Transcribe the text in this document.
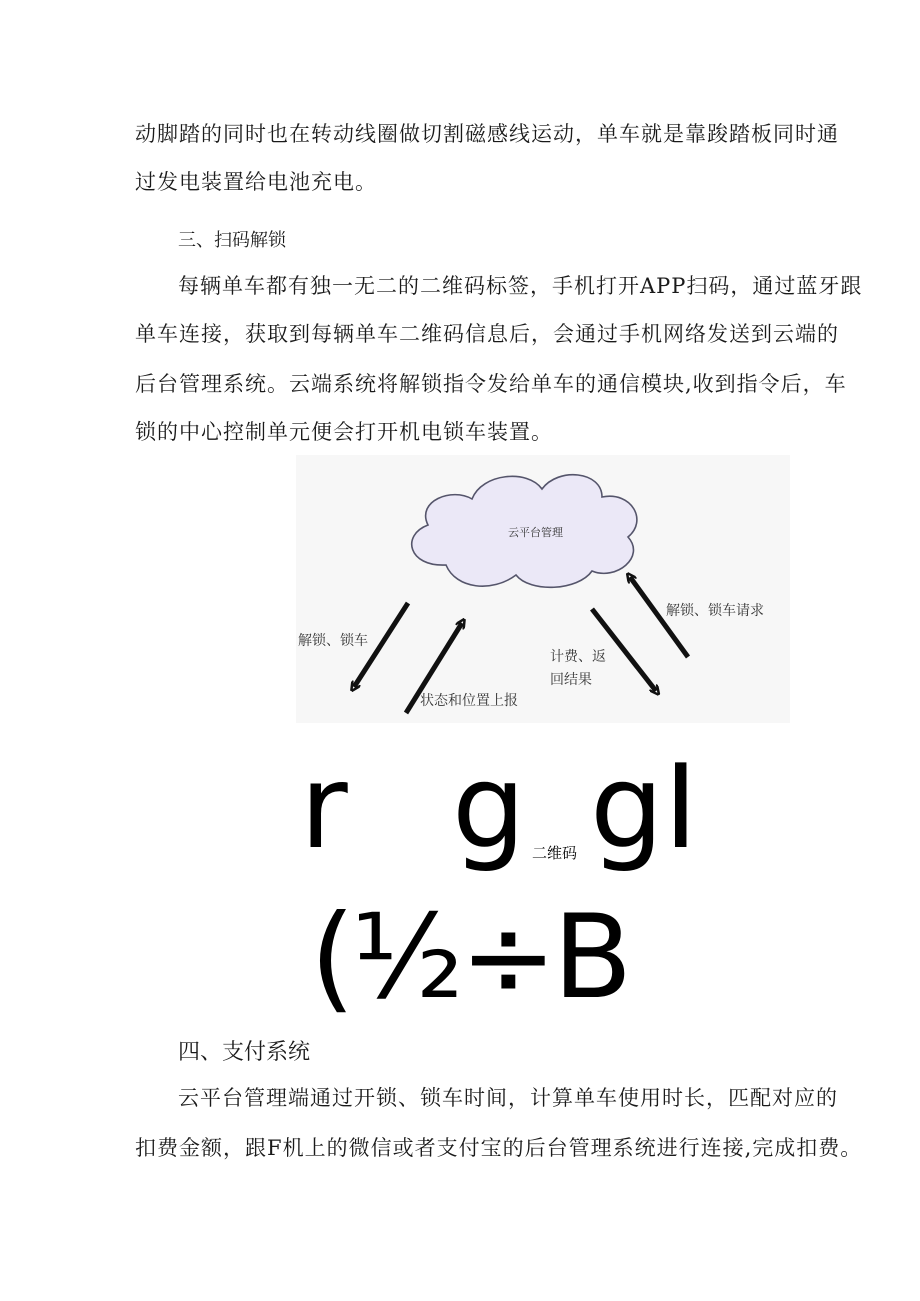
动脚踏的同时也在转动线圈做切割磁感线运动，单车就是靠踆踏板同时通
过发电装置给电池充电。
三、扫码解锁
每辆单车都有独一无二的二维码标签，手机打开APP扫码，通过蓝牙跟
单车连接，获取到每辆单车二维码信息后，会通过手机网络发送到云端的
后台管理系统。云端系统将解锁指令发给单车的通信模块,收到指令后，车
锁的中心控制单元便会打开机电锁车装置。
云平台管理
解锁、锁车
状态和位置上报
计费、返
回结果
解锁、锁车请求
r g 二维码 gI
(½÷B
四、支付系统
云平台管理端通过开锁、锁车时间，计算单车使用时长，匹配对应的
扣费金额，跟F机上的微信或者支付宝的后台管理系统进行连接,完成扣费。
